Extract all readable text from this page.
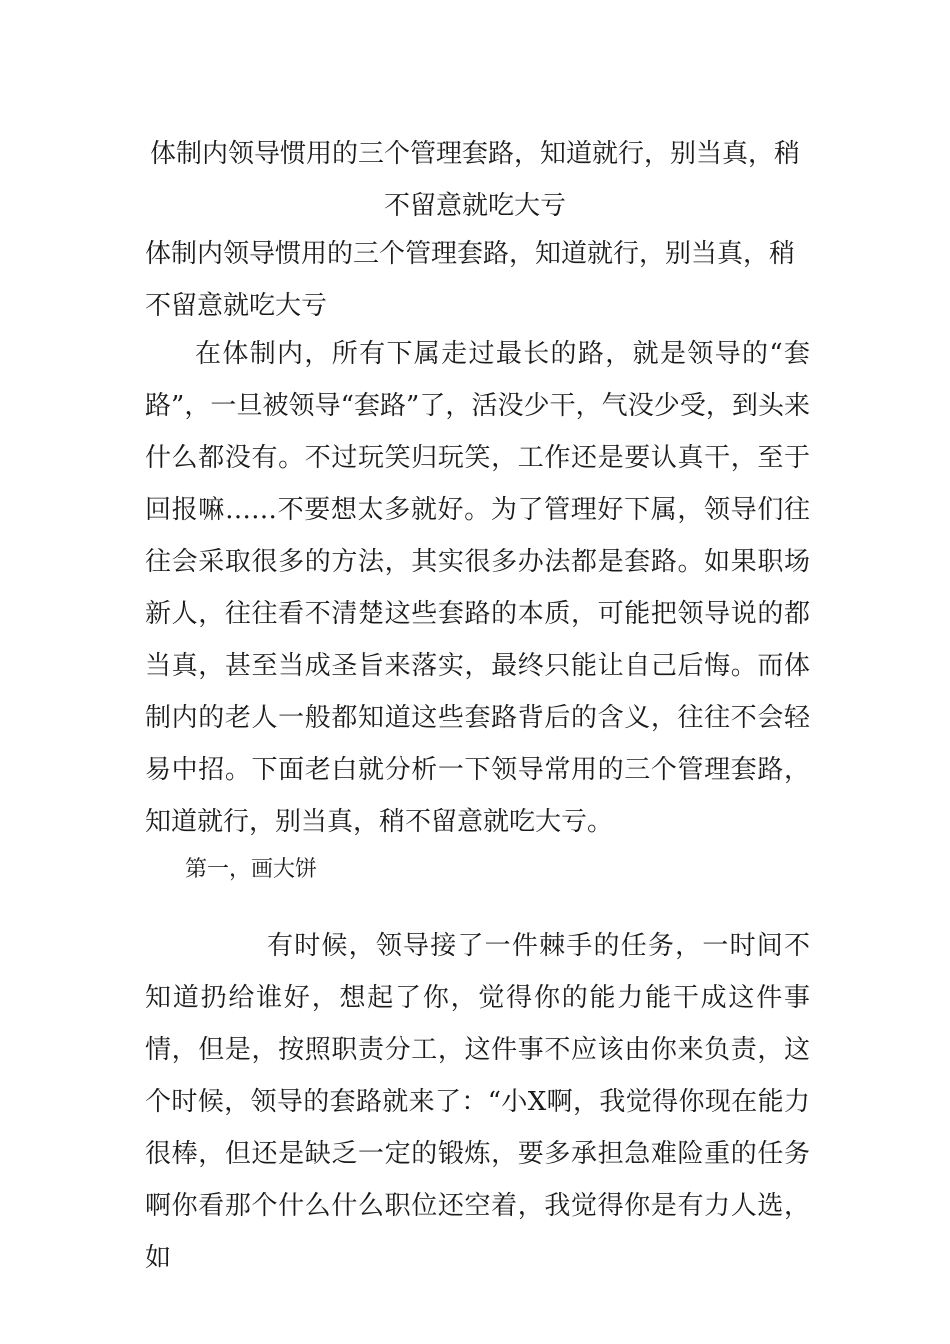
体制内领导惯用的三个管理套路，知道就行，别当真，稍不留意就吃大亏

体制内领导惯用的三个管理套路，知道就行，别当真，稍不留意就吃大亏

在体制内，所有下属走过最长的路，就是领导的“套路”，一旦被领导“套路”了，活没少干，气没少受，到头来什么都没有。不过玩笑归玩笑，工作还是要认真干，至于回报嘛……不要想太多就好。为了管理好下属，领导们往往会采取很多的方法，其实很多办法都是套路。如果职场新人，往往看不清楚这些套路的本质，可能把领导说的都当真，甚至当成圣旨来落实，最终只能让自己后悔。而体制内的老人一般都知道这些套路背后的含义，往往不会轻易中招。下面老白就分析一下领导常用的三个管理套路，知道就行，别当真，稍不留意就吃大亏。

第一，画大饼

有时候，领导接了一件棘手的任务，一时间不知道扔给谁好，想起了你，觉得你的能力能干成这件事情，但是，按照职责分工，这件事不应该由你来负责，这个时候，领导的套路就来了：“小X啊，我觉得你现在能力很棒，但还是缺乏一定的锻炼，要多承担急难险重的任务啊你看那个什么什么职位还空着，我觉得你是有力人选，如
